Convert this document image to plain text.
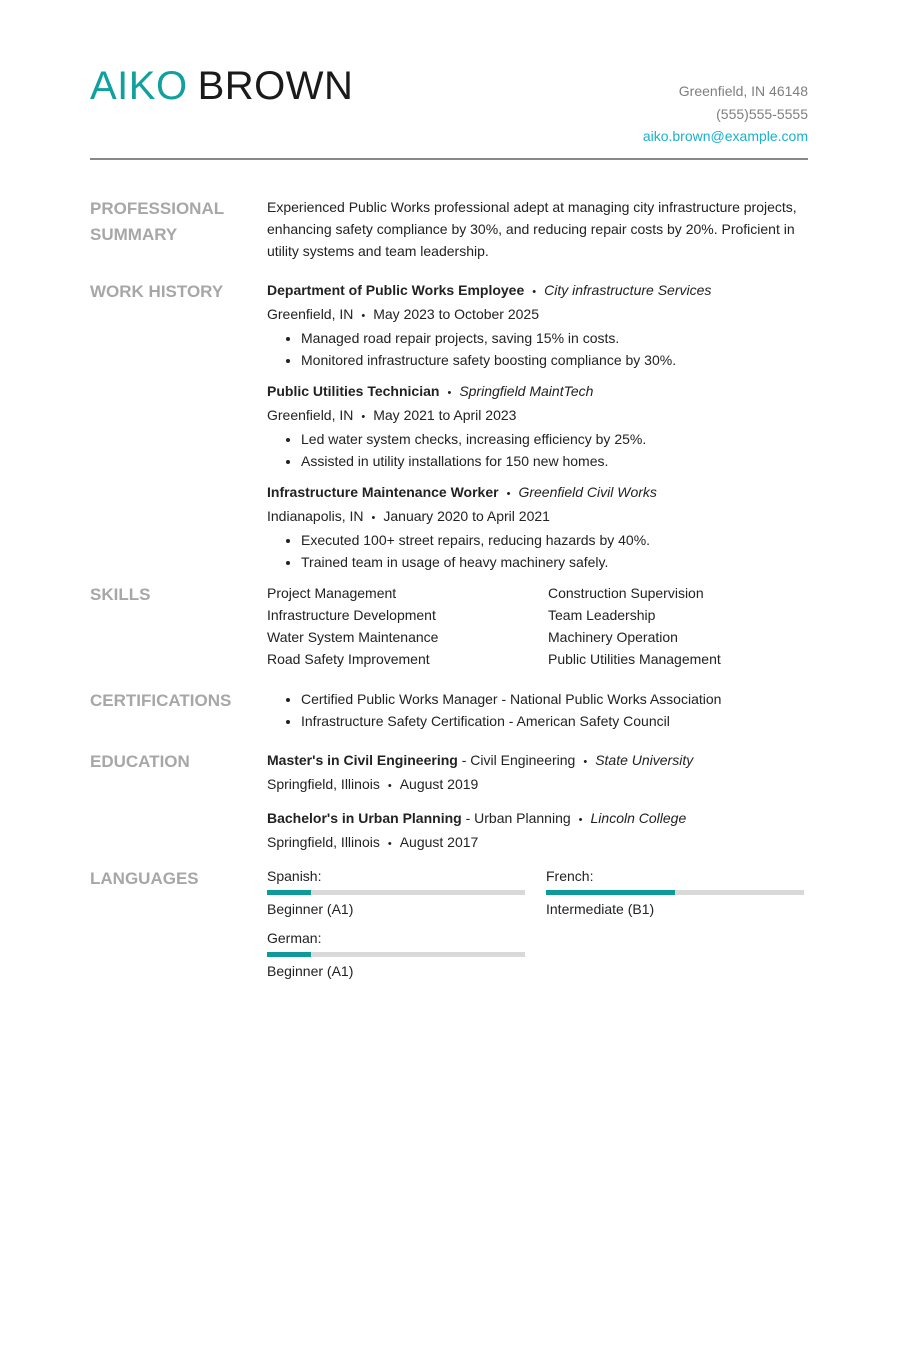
AIKO BROWN	Greenfield, IN 46148
(555)555-5555
aiko.brown@example.com
PROFESSIONAL SUMMARY

Experienced Public Works professional adept at managing city infrastructure projects, enhancing safety compliance by 30%, and reducing repair costs by 20%. Proficient in utility systems and team leadership.

WORK HISTORY	Department of Public Works Employee • City infrastructure Services
Greenfield, IN • May 2023 to October 2025
• Managed road repair projects, saving 15% in costs.
• Monitored infrastructure safety boosting compliance by 30%.
Public Utilities Technician • Springfield MaintTech
Greenfield, IN • May 2021 to April 2023
• Led water system checks, increasing efficiency by 25%.
• Assisted in utility installations for 150 new homes.
Infrastructure Maintenance Worker • Greenfield Civil Works
Indianapolis, IN • January 2020 to April 2021
• Executed 100+ street repairs, reducing hazards by 40%.
• Trained team in usage of heavy machinery safely.
SKILLS	Project Management	Construction Supervision
Infrastructure Development	Team Leadership
Water System Maintenance	Machinery Operation
Road Safety Improvement	Public Utilities Management
CERTIFICATIONS
•	Certified Public Works Manager - National Public Works Association
• Infrastructure Safety Certification - American Safety Council
EDUCATION	Master's in Civil Engineering - Civil Engineering • State University
Springfield, Illinois • August 2019
Bachelor's in Urban Planning - Urban Planning • Lincoln College
Springfield, Illinois • August 2017
LANGUAGES	Spanish:
Beginner (A1)
French:
Intermediate (B1)
German:
Beginner (A1)
